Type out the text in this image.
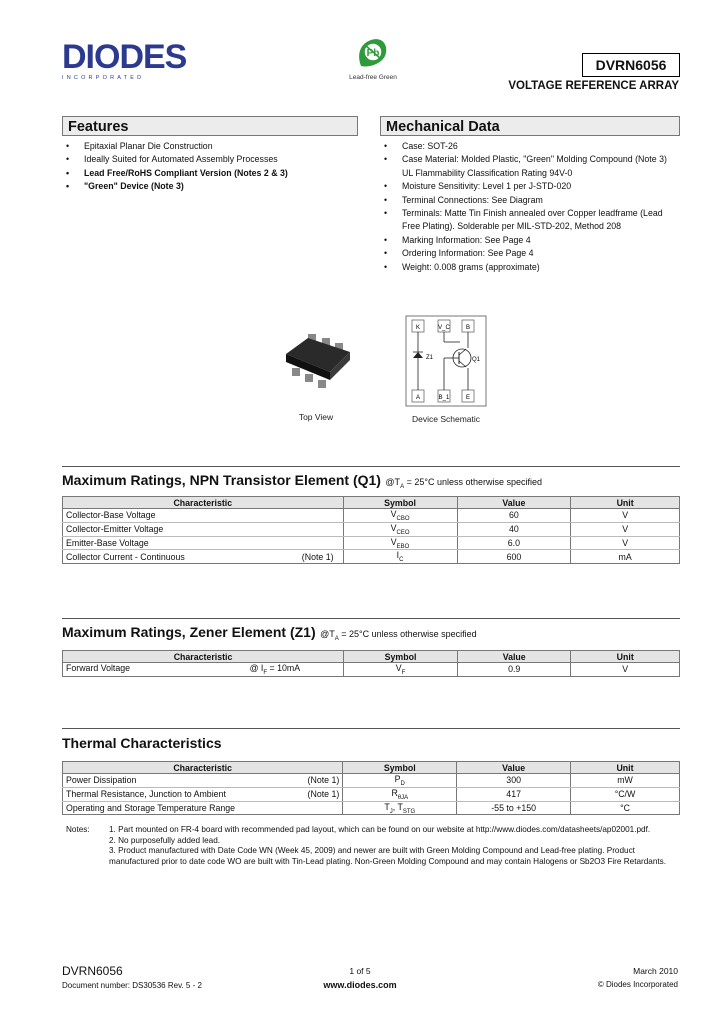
DIODES
INCORPORATED
Pb
Lead-free Green
DVRN6056
VOLTAGE REFERENCE ARRAY
Features
• Epitaxial Planar Die Construction
• Ideally Suited for Automated Assembly Processes
• Lead Free/RoHS Compliant Version (Notes 2 & 3)
• "Green" Device (Note 3)
Mechanical Data
• Case: SOT-26
• Case Material: Molded Plastic, "Green" Molding Compound (Note 3) UL Flammability Classification Rating 94V-0
• Moisture Sensitivity: Level 1 per J-STD-020
• Terminal Connections: See Diagram
• Terminals: Matte Tin Finish annealed over Copper leadframe (Lead Free Plating). Solderable per MIL-STD-202, Method 208
• Marking Information: See Page 4
• Ordering Information: See Page 4
• Weight: 0.008 grams (approximate)
Top View
K	V_C	B
A	B_1	E
Z1	Q1
Device Schematic
Maximum Ratings, NPN Transistor Element (Q1) $@T_A = 25^\circ C$ unless otherwise specified
Characteristic	Symbol	Value	Unit

Collector-Base Voltage	$V_{CBO}$	60	V

Collector-Emitter Voltage	$V_{CEO}$	40	V

Emitter-Base Voltage	$V_{EBO}$	6.0	V

Collector Current - Continuous (Note 1)	$I_C$	600	mA
Maximum Ratings, Zener Element (Z1) $@T_A = 25^\circ C$ unless otherwise specified
Characteristic	Symbol	Value	Unit

Forward Voltage @ $I_F = 10mA$	$V_F$	0.9	V
Thermal Characteristics
Characteristic	Symbol	Value	Unit

Power Dissipation (Note 1)	$P_D$	300	mW

Thermal Resistance, Junction to Ambient (Note 1)	$R_{\theta JA}$	417	°C/W

Operating and Storage Temperature Range	$T_J$, $T_{STG}$	-55 to +150	°C
Notes: 1. Part mounted on FR-4 board with recommended pad layout, which can be found on our website at http://www.diodes.com/datasheets/ap02001.pdf.
2. No purposefully added lead.
3. Product manufactured with Date Code WN (Week 45, 2009) and newer are built with Green Molding Compound and Lead-free plating. Product manufactured prior to date code WO are built with Tin-Lead plating. Non-Green Molding Compound and may contain Halogens or Sb2O3 Fire Retardants.
DVRN6056
Document number: DS30536 Rev. 5 - 2
1 of 5
www.diodes.com
March 2010
© Diodes Incorporated
